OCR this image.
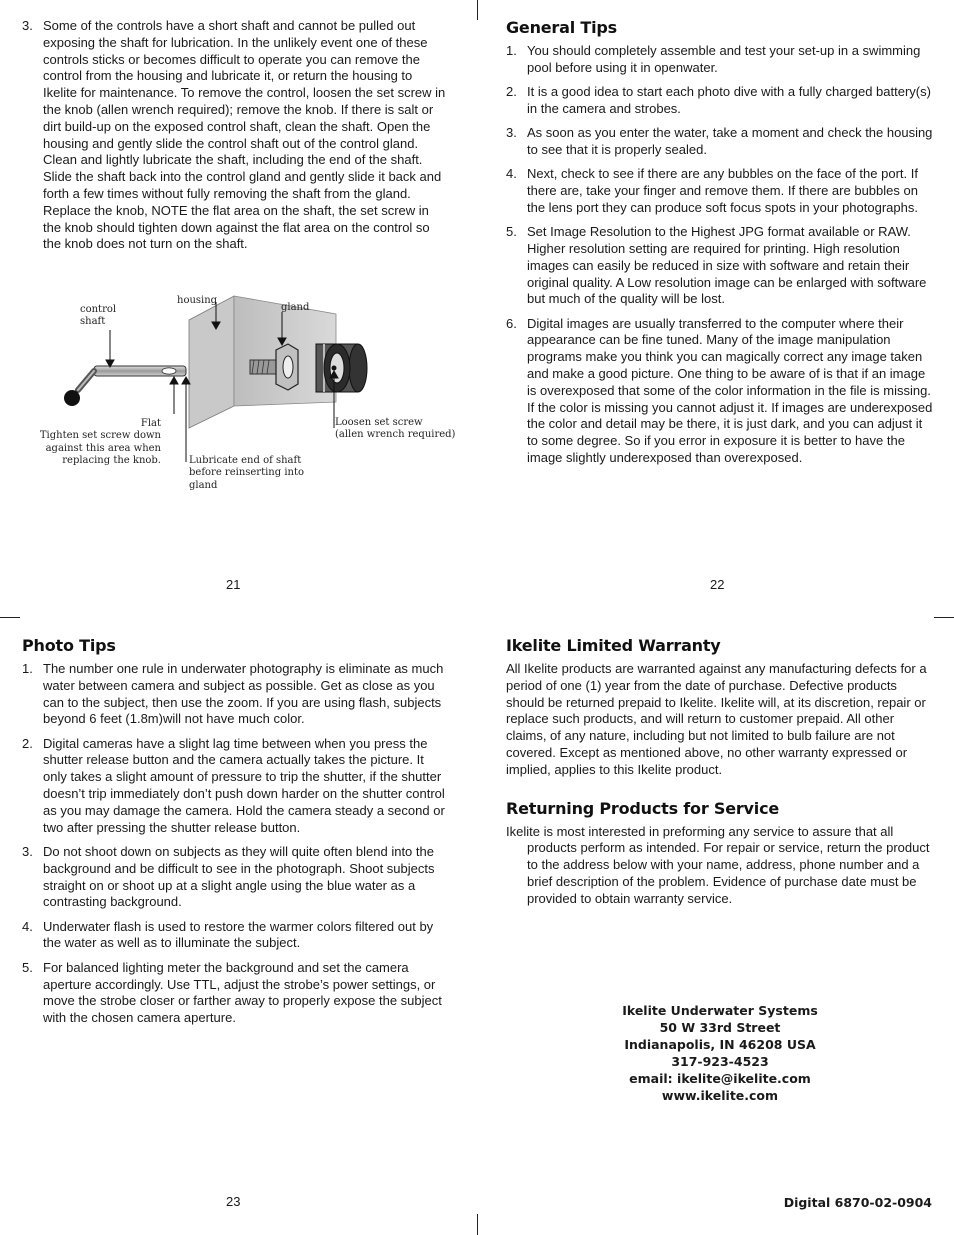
3. Some of the controls have a short shaft and cannot be pulled out exposing the shaft for lubrication. In the unlikely event one of these controls sticks or becomes difficult to operate you can remove the control from the housing and lubricate it, or return the housing to Ikelite for maintenance. To remove the control, loosen the set screw in the knob (allen wrench required); remove the knob. If there is salt or dirt build-up on the exposed control shaft, clean the shaft. Open the housing and gently slide the control shaft out of the control gland. Clean and lightly lubricate the shaft, including the end of the shaft. Slide the shaft back into the control gland and gently slide it back and forth a few times without fully removing the shaft from the gland. Replace the knob, NOTE the flat area on the shaft, the set screw in the knob should tighten down against the flat area on the control so the knob does not turn on the shaft.
control
shaft
housing
gland
Flat
Tighten set screw down
against this area when
replacing the knob.	Lubricate end of shaft
before reinserting into
gland
Loosen set screw
(allen wrench required)
21
General Tips
1. You should completely assemble and test your set-up in a swimming pool before using it in openwater.
2. It is a good idea to start each photo dive with a fully charged battery(s) in the camera and strobes.
3. As soon as you enter the water, take a moment and check the housing to see that it is properly sealed.
4. Next, check to see if there are any bubbles on the face of the port. If there are, take your finger and remove them. If there are bubbles on the lens port they can produce soft focus spots in your photographs.
5. Set Image Resolution to the Highest JPG format available or RAW. Higher resolution setting are required for printing. High resolution images can easily be reduced in size with software and retain their original quality. A Low resolution image can be enlarged with software but much of the quality will be lost.
6. Digital images are usually transferred to the computer where their appearance can be fine tuned. Many of the image manipulation programs make you think you can magically correct any image taken and make a good picture. One thing to be aware of is that if an image is overexposed that some of the color information in the file is missing. If the color is missing you cannot adjust it. If images are underexposed the color and detail may be there, it is just dark, and you can adjust it to some degree. So if you error in exposure it is better to have the image slightly underexposed than overexposed.
22
Photo Tips
1. The number one rule in underwater photography is eliminate as much water between camera and subject as possible. Get as close as you can to the subject, then use the zoom. If you are using flash, subjects beyond 6 feet (1.8m)will not have much color.
2. Digital cameras have a slight lag time between when you press the shutter release button and the camera actually takes the picture. It only takes a slight amount of pressure to trip the shutter, if the shutter doesn’t trip immediately don’t push down harder on the shutter control as you may damage the camera. Hold the camera steady a second or two after pressing the shutter release button.
3. Do not shoot down on subjects as they will quite often blend into the background and be difficult to see in the photograph. Shoot subjects straight on or shoot up at a slight angle using the blue water as a contrasting background.
4. Underwater flash is used to restore the warmer colors filtered out by the water as well as to illuminate the subject.
5. For balanced lighting meter the background and set the camera aperture accordingly. Use TTL, adjust the strobe’s power settings, or move the strobe closer or farther away to properly expose the subject with the chosen camera aperture.
23
Ikelite Limited Warranty

All Ikelite products are warranted against any manufacturing defects for a period of one (1) year from the date of purchase. Defective products should be returned prepaid to Ikelite. Ikelite will, at its discretion, repair or replace such products, and will return to customer prepaid. All other claims, of any nature, including but not limited to bulb failure are not covered. Except as mentioned above, no other warranty expressed or implied, applies to this Ikelite product.

Returning Products for Service

Ikelite is most interested in preforming any service to assure that all products perform as intended. For repair or service, return the product to the address below with your name, address, phone number and a brief description of the problem. Evidence of purchase date must be provided to obtain warranty service.

Ikelite Underwater Systems
50 W 33rd Street
Indianapolis, IN 46208 USA
317-923-4523
email: ikelite@ikelite.com
www.ikelite.com
Digital 6870-02-0904
